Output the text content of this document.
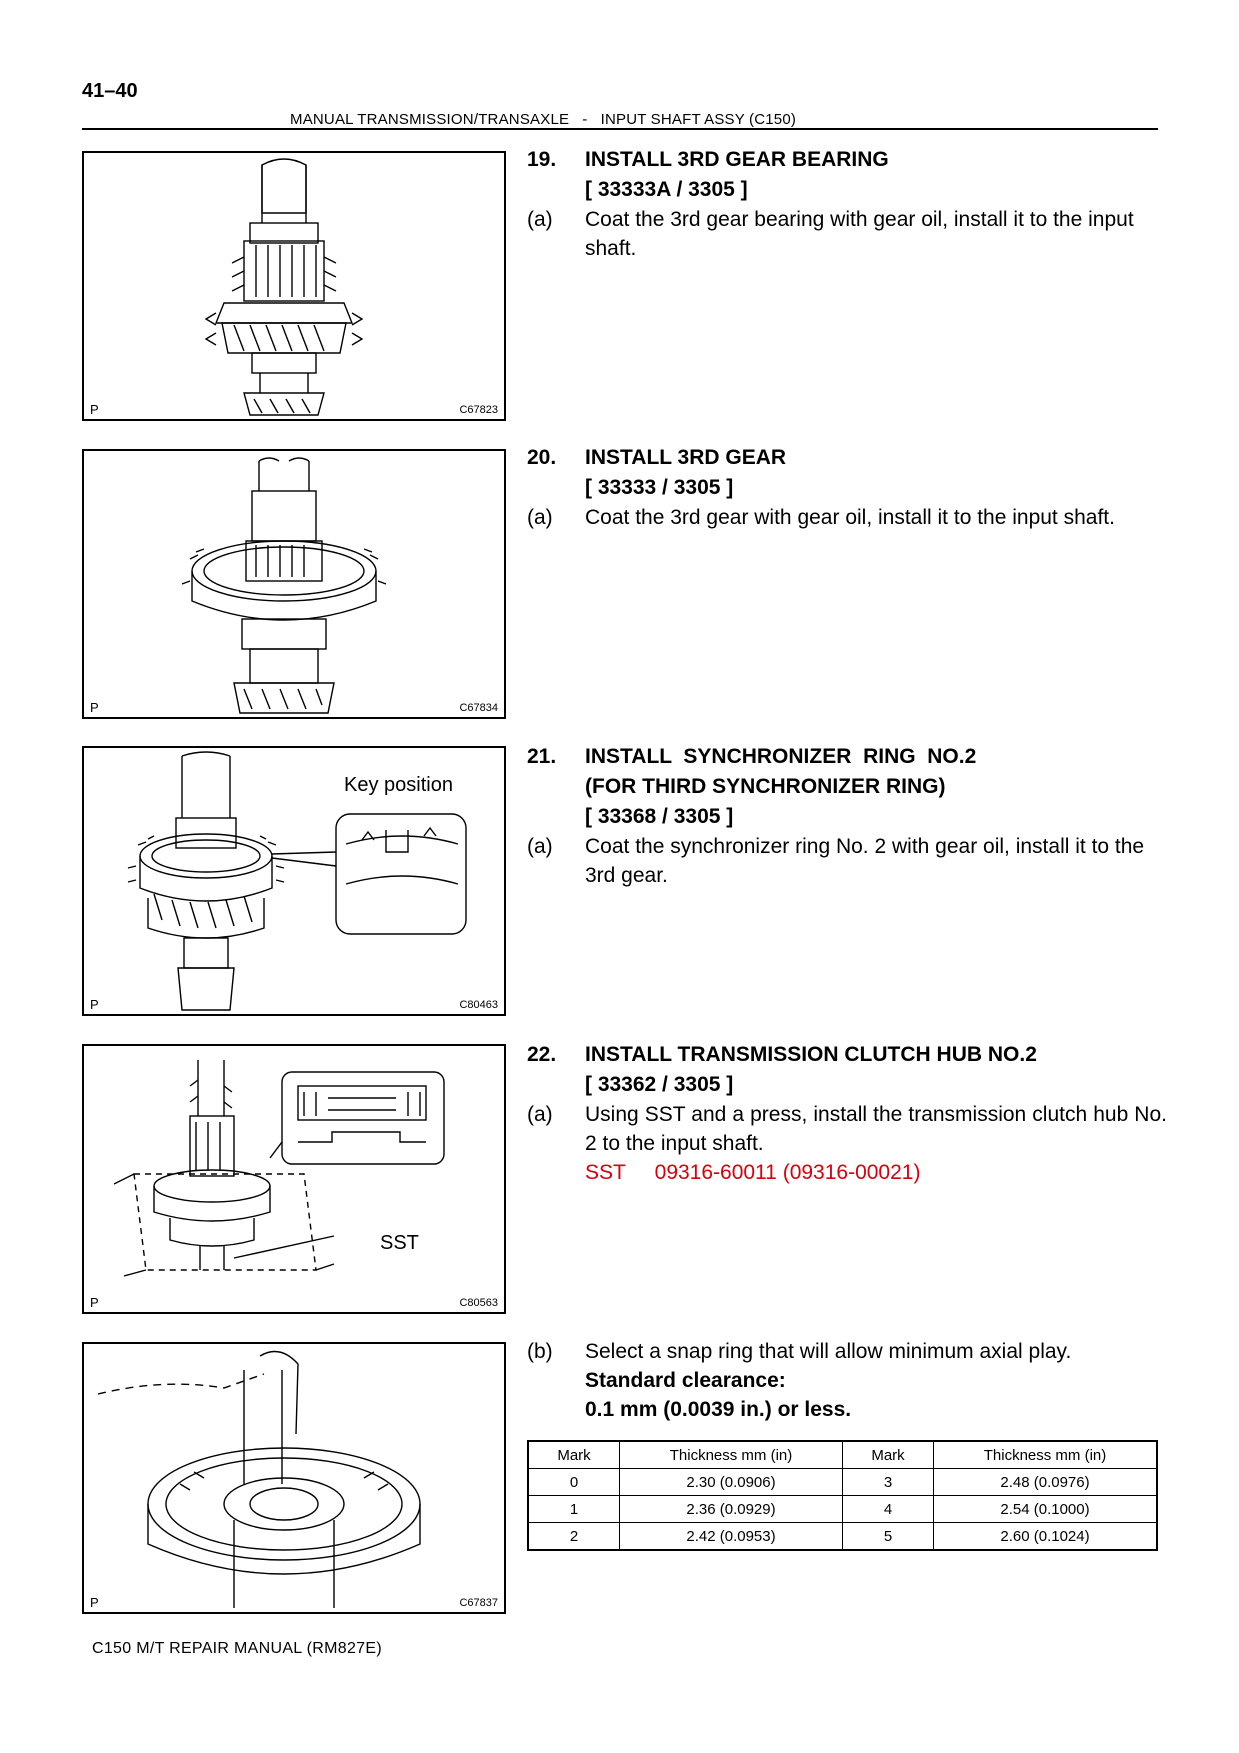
41–40
MANUAL TRANSMISSION/TRANSAXLE   -   INPUT SHAFT ASSY (C150)
P	C67823
P	C67834
Key position
P	C80463
SST
P	C80563
P	C67837
19. INSTALL 3RD GEAR BEARING
[ 33333A / 3305 ]
(a) Coat the 3rd gear bearing with gear oil, install it to the input shaft.
20. INSTALL 3RD GEAR
[ 33333 / 3305 ]
(a) Coat the 3rd gear with gear oil, install it to the input shaft.
21. INSTALL  SYNCHRONIZER  RING  NO.2
(FOR THIRD SYNCHRONIZER RING)
[ 33368 / 3305 ]
(a) Coat the synchronizer ring No. 2 with gear oil, install it to the 3rd gear.
22. INSTALL TRANSMISSION CLUTCH HUB NO.2
[ 33362 / 3305 ]
(a) Using SST and a press, install the transmission clutch hub No. 2 to the input shaft.
SST     09316-60011 (09316-00021)
(b) Select a snap ring that will allow minimum axial play.
Standard clearance:
0.1 mm (0.0039 in.) or less.
Mark	Thickness mm (in)	Mark	Thickness mm (in)
0	2.30 (0.0906)	3	2.48 (0.0976)
1	2.36 (0.0929)	4	2.54 (0.1000)
2	2.42 (0.0953)	5	2.60 (0.1024)
C150 M/T REPAIR MANUAL (RM827E)
